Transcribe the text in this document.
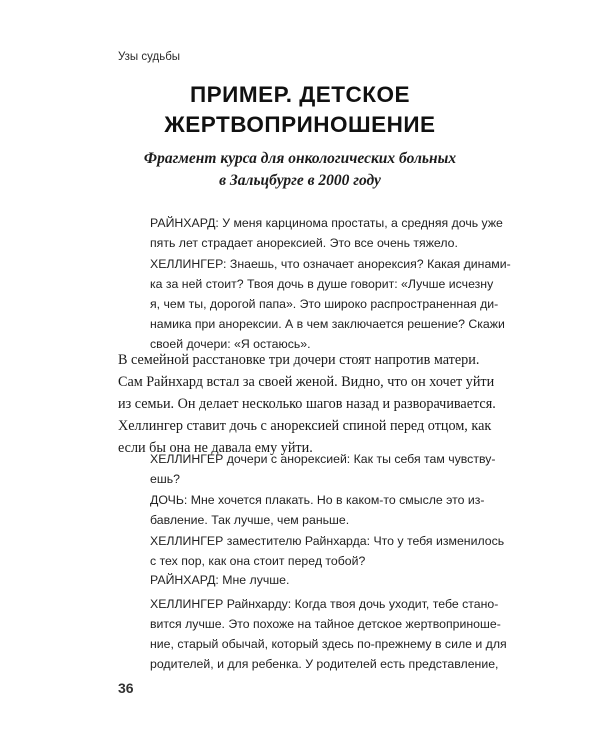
Узы судьбы
ПРИМЕР. ДЕТСКОЕ
ЖЕРТВОПРИНОШЕНИЕ
Фрагмент курса для онкологических больных
в Зальцбурге в 2000 году
РАЙНХАРД: У меня карцинома простаты, а средняя дочь уже
пять лет страдает анорексией. Это все очень тяжело.
ХЕЛЛИНГЕР: Знаешь, что означает анорексия? Какая динами-
ка за ней стоит? Твоя дочь в душе говорит: «Лучше исчезну
я, чем ты, дорогой папа». Это широко распространенная ди-
намика при анорексии. А в чем заключается решение? Скажи
своей дочери: «Я остаюсь».
В семейной расстановке три дочери стоят напротив матери.
Сам Райнхард встал за своей женой. Видно, что он хочет уйти
из семьи. Он делает несколько шагов назад и разворачивается.
Хеллингер ставит дочь с анорексией спиной перед отцом, как
если бы она не давала ему уйти.
ХЕЛЛИНГЕР дочери с анорексией: Как ты себя там чувству-
ешь?
ДОЧЬ: Мне хочется плакать. Но в каком-то смысле это из-
бавление. Так лучше, чем раньше.
ХЕЛЛИНГЕР заместителю Райнхарда: Что у тебя изменилось
с тех пор, как она стоит перед тобой?
РАЙНХАРД: Мне лучше.
ХЕЛЛИНГЕР Райнхарду: Когда твоя дочь уходит, тебе стано-
вится лучше. Это похоже на тайное детское жертвоприноше-
ние, старый обычай, который здесь по-прежнему в силе и для
родителей, и для ребенка. У родителей есть представление,
36
